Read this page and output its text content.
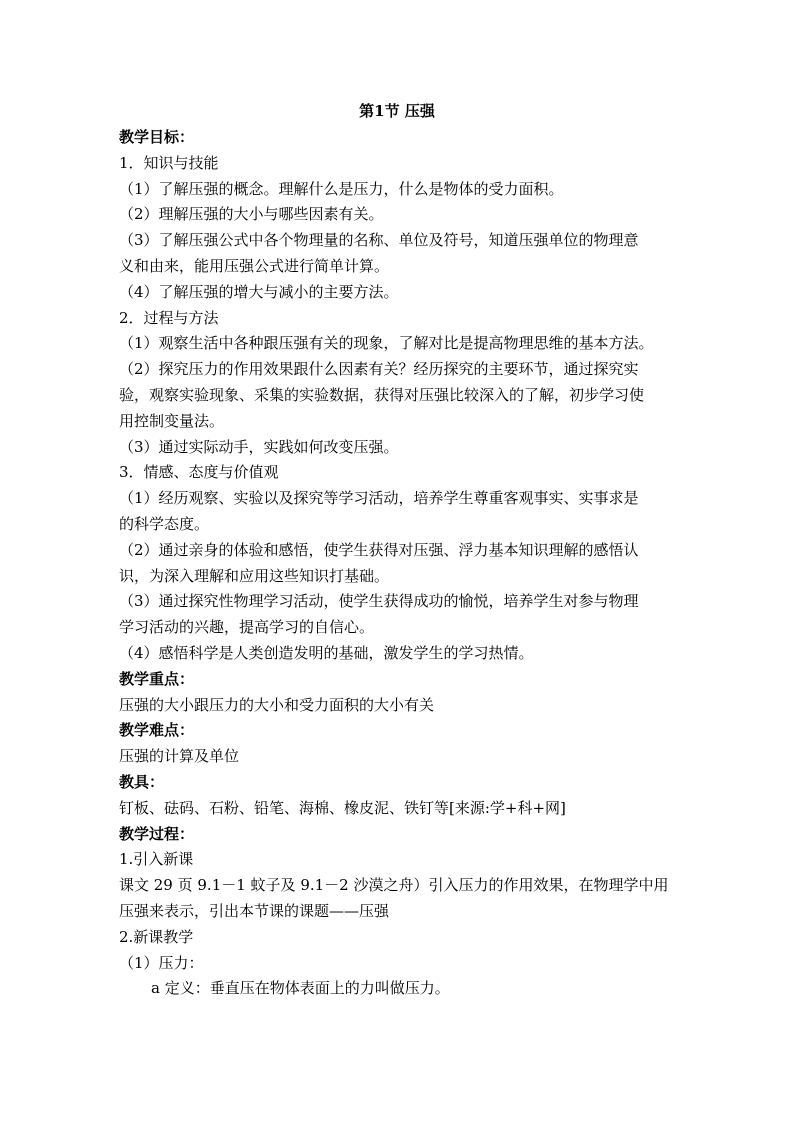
第1节 压强

教学目标：

1．知识与技能

（1）了解压强的概念。理解什么是压力，什么是物体的受力面积。

（2）理解压强的大小与哪些因素有关。

（3）了解压强公式中各个物理量的名称、单位及符号，知道压强单位的物理意

义和由来，能用压强公式进行简单计算。

（4）了解压强的增大与减小的主要方法。

2．过程与方法

（1）观察生活中各种跟压强有关的现象，了解对比是提高物理思维的基本方法。

（2）探究压力的作用效果跟什么因素有关？经历探究的主要环节，通过探究实

验，观察实验现象、采集的实验数据，获得对压强比较深入的了解，初步学习使

用控制变量法。

（3）通过实际动手，实践如何改变压强。

3．情感、态度与价值观

（1）经历观察、实验以及探究等学习活动，培养学生尊重客观事实、实事求是

的科学态度。

（2）通过亲身的体验和感悟，使学生获得对压强、浮力基本知识理解的感悟认

识，为深入理解和应用这些知识打基础。

（3）通过探究性物理学习活动，使学生获得成功的愉悦，培养学生对参与物理

学习活动的兴趣，提高学习的自信心。

（4）感悟科学是人类创造发明的基础，激发学生的学习热情。

教学重点：

压强的大小跟压力的大小和受力面积的大小有关

教学难点：

压强的计算及单位

教具：

钉板、砝码、石粉、铅笔、海棉、橡皮泥、铁钉等[来源:学+科+网]

教学过程：

1.引入新课

课文 29 页 9.1－1 蚊子及 9.1－2 沙漠之舟）引入压力的作用效果，在物理学中用

压强来表示，引出本节课的课题——压强

2.新课教学

（1）压力：

a 定义：垂直压在物体表面上的力叫做压力。
